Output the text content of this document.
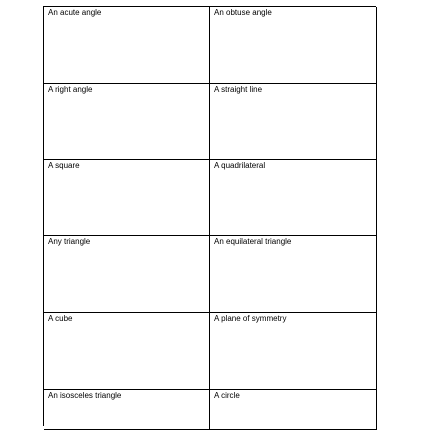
An acute angle	An obtuse angle
A right angle	A straight line
A square	A quadrilateral
Any triangle	An equilateral triangle
A cube	A plane of symmetry
An isosceles triangle	A circle
